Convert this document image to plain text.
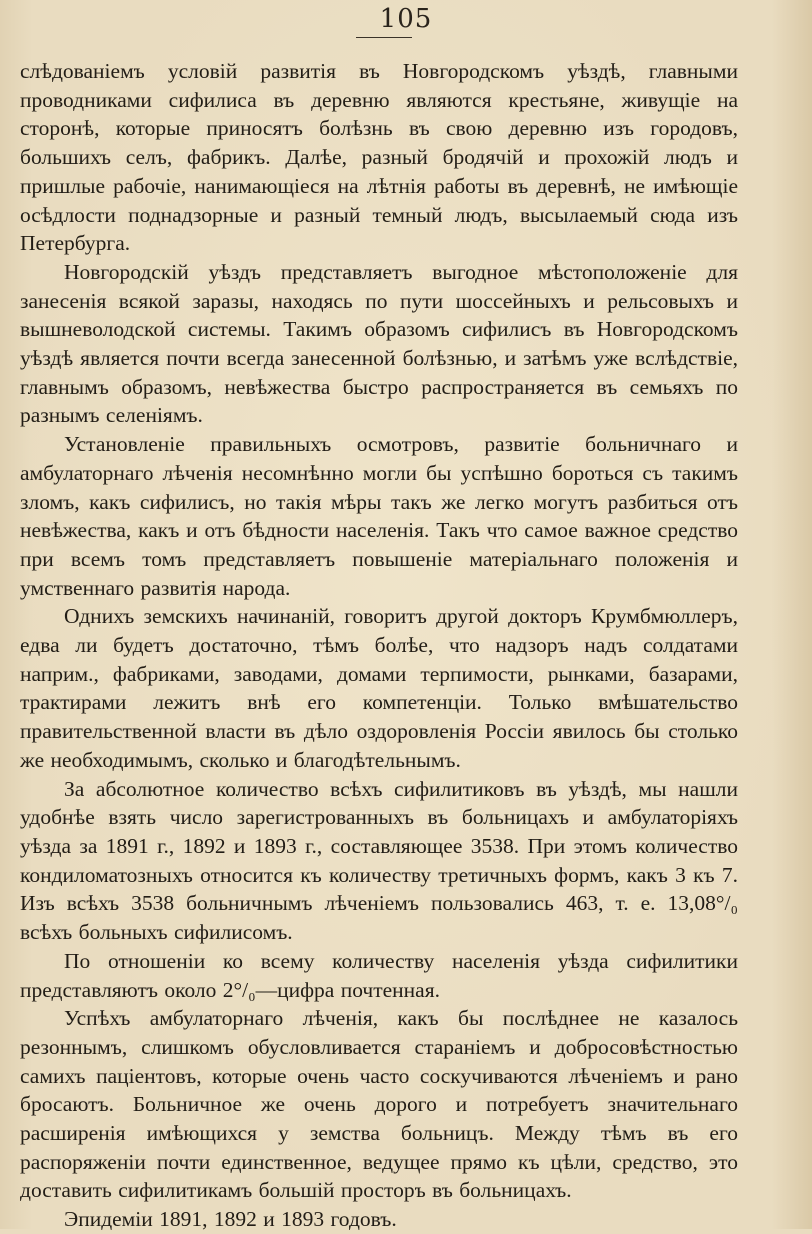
105

слѣдованіемъ условій развитія въ Новгородскомъ уѣздѣ, главными проводниками сифилиса въ деревню являются крестьяне, живущіе на сторонѣ, которые приносятъ болѣзнь въ свою деревню изъ городовъ, большихъ селъ, фабрикъ. Далѣе, разный бродячій и прохожій людъ и пришлые рабочіе, нанимающіеся на лѣтнія работы въ деревнѣ, не имѣющіе осѣдлости поднадзорные и разный темный людъ, высылаемый сюда изъ Петербурга.

Новгородскій уѣздъ представляетъ выгодное мѣстоположеніе для занесенія всякой заразы, находясь по пути шоссейныхъ и рельсовыхъ и вышневолодской системы. Такимъ образомъ сифилисъ въ Новгородскомъ уѣздѣ является почти всегда занесенной болѣзнью, и затѣмъ уже вслѣдствіе, главнымъ образомъ, невѣжества быстро распространяется въ семьяхъ по разнымъ селеніямъ.

Установленіе правильныхъ осмотровъ, развитіе больничнаго и амбулаторнаго лѣченія несомнѣнно могли бы успѣшно бороться съ такимъ зломъ, какъ сифилисъ, но такія мѣры такъ же легко могутъ разбиться отъ невѣжества, какъ и отъ бѣдности населенія. Такъ что самое важное средство при всемъ томъ представляетъ повышеніе матеріальнаго положенія и умственнаго развитія народа.

Однихъ земскихъ начинаній, говоритъ другой докторъ Крумбмюллеръ, едва ли будетъ достаточно, тѣмъ болѣе, что надзоръ надъ солдатами наприм., фабриками, заводами, домами терпимости, рынками, базарами, трактирами лежитъ внѣ его компетенціи. Только вмѣшательство правительственной власти въ дѣло оздоровленія Россіи явилось бы столько же необходимымъ, сколько и благодѣтельнымъ.

За абсолютное количество всѣхъ сифилитиковъ въ уѣздѣ, мы нашли удобнѣе взять число зарегистрованныхъ въ больницахъ и амбулаторіяхъ уѣзда за 1891 г., 1892 и 1893 г., составляющее 3538. При этомъ количество кондиломатозныхъ относится къ количеству третичныхъ формъ, какъ 3 къ 7. Изъ всѣхъ 3538 больничнымъ лѣченіемъ пользовались 463, т. е. 13,08°/₀ всѣхъ больныхъ сифилисомъ.

По отношеніи ко всему количеству населенія уѣзда сифилитики представляютъ около 2°/₀—цифра почтенная.

Успѣхъ амбулаторнаго лѣченія, какъ бы послѣднее не казалось резоннымъ, слишкомъ обусловливается стараніемъ и добросовѣстностью самихъ паціентовъ, которые очень часто соскучиваются лѣченіемъ и рано бросаютъ. Больничное же очень дорого и потребуетъ значительнаго расширенія имѣющихся у земства больницъ. Между тѣмъ въ его распоряженіи почти единственное, ведущее прямо къ цѣли, средство, это доставить сифилитикамъ большій просторъ въ больницахъ.

Эпидеміи 1891, 1892 и 1893 годовъ.
